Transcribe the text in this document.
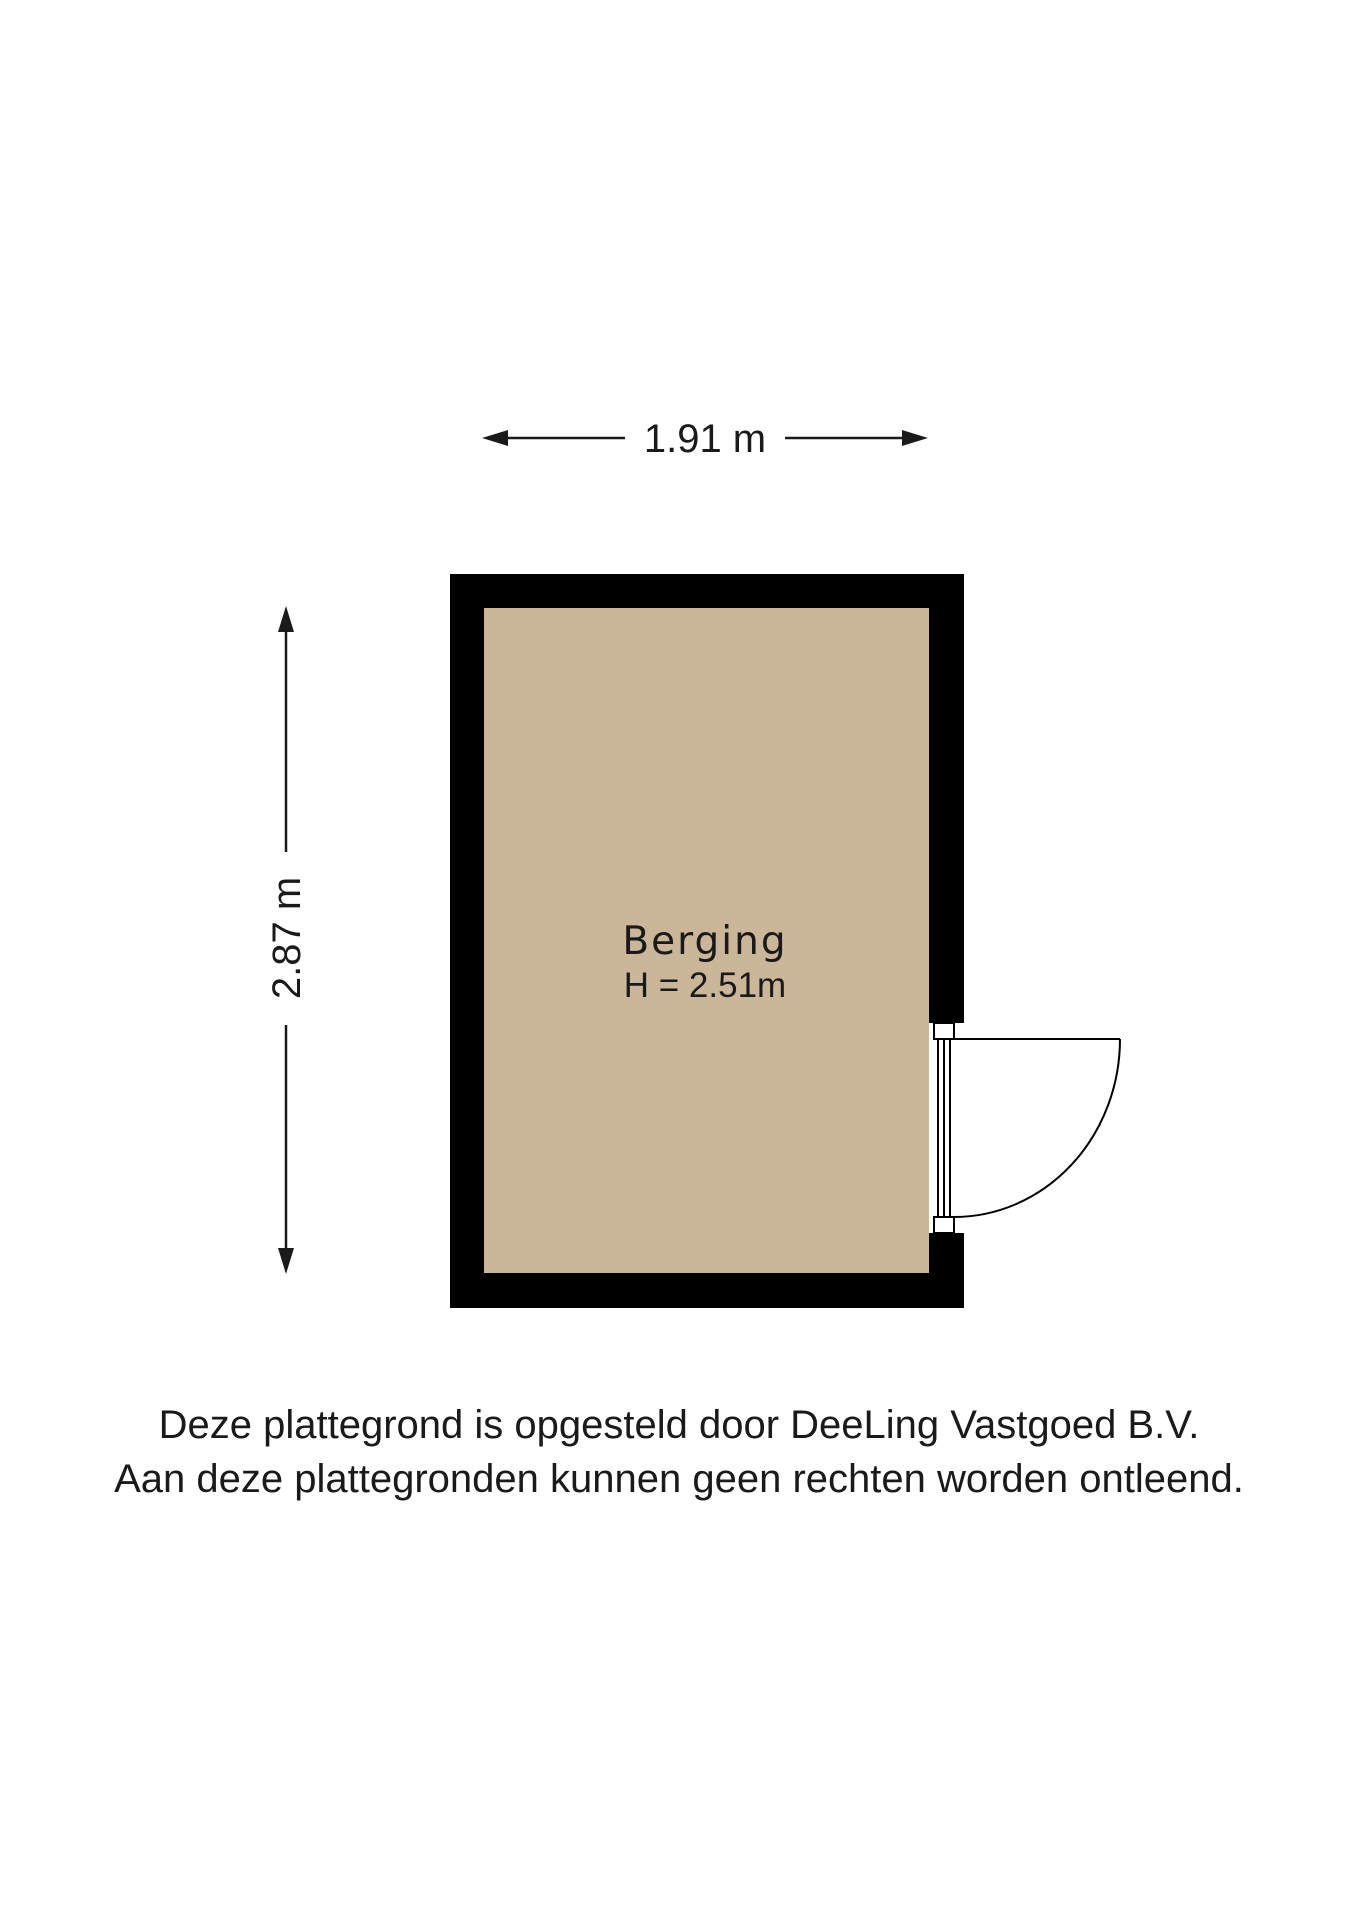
1.91 m
2.87 m	Berging
H = 2.51m
Deze plattegrond is opgesteld door DeeLing Vastgoed B.V.
Aan deze plattegronden kunnen geen rechten worden ontleend.
